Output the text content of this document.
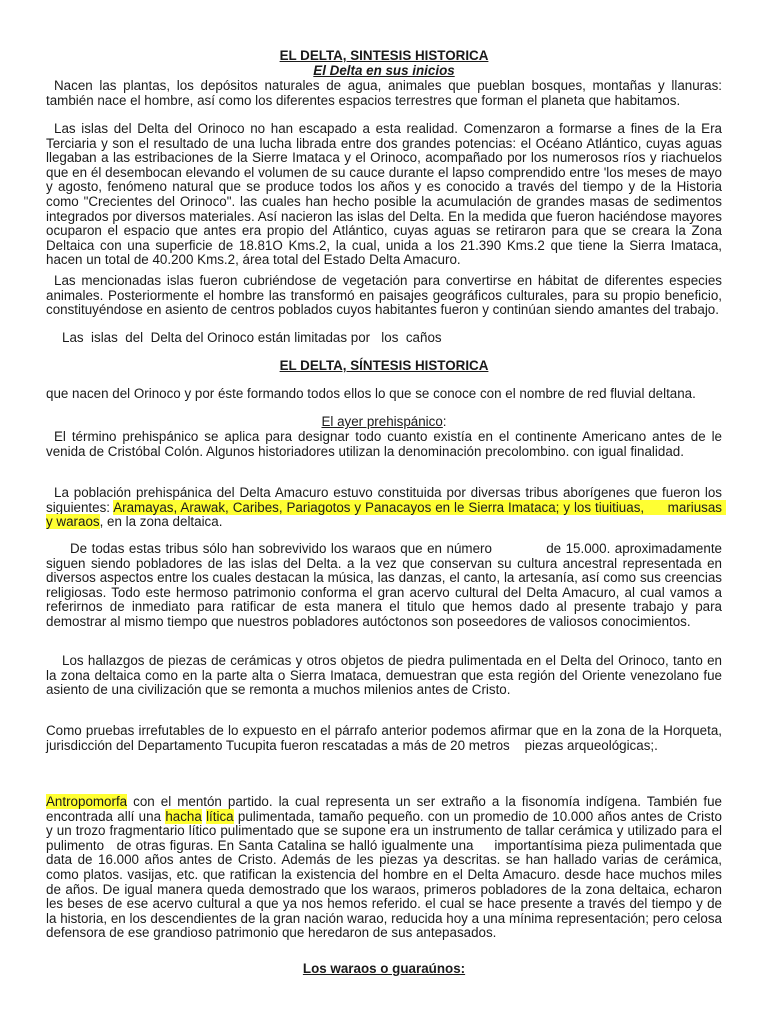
EL DELTA, SINTESIS HISTORICA
El Delta en sus inicios
Nacen las plantas, los depósitos naturales de agua, animales que pueblan bosques, montañas y llanuras: también nace el hombre, así como los diferentes espacios terrestres que forman el planeta que habitamos.
Las islas del Delta del Orinoco no han escapado a esta realidad. Comenzaron a formarse a fines de la Era Terciaria y son el resultado de una lucha librada entre dos grandes potencias: el Océano Atlántico, cuyas aguas llegaban a las estribaciones de la Sierre Imataca y el Orinoco, acompañado por los numerosos ríos y riachuelos que en él desembocan elevando el volumen de su cauce durante el lapso comprendido entre 'los meses de mayo y agosto, fenómeno natural que se produce todos los años y es conocido a través del tiempo y de la Historia como "Crecientes del Orinoco". las cuales han hecho posible la acumulación de grandes masas de sedimentos integrados por diversos materiales. Así nacieron las islas del Delta. En la medida que fueron haciéndose mayores ocuparon el espacio que antes era propio del Atlántico, cuyas aguas se retiraron para que se creara la Zona Deltaica con una superficie de 18.81O Kms.2, la cual, unida a los 21.390 Kms.2 que tiene la Sierra Imataca, hacen un total de 40.200 Kms.2, área total del Estado Delta Amacuro.
Las mencionadas islas fueron cubriéndose de vegetación para convertirse en hábitat de diferentes especies animales. Posteriormente el hombre las transformó en paisajes geográficos culturales, para su propio beneficio, constituyéndose en asiento de centros poblados cuyos habitantes fueron y continúan siendo amantes del trabajo.
Las  islas  del  Delta del Orinoco están limitadas por   los  caños
EL DELTA, SÍNTESIS HISTORICA
que nacen del Orinoco y por éste formando todos ellos lo que se conoce con el nombre de red fluvial deltana.
El ayer prehispánico:
El término prehispánico se aplica para designar todo cuanto existía en el continente Americano antes de le venida de Cristóbal Colón. Algunos historiadores utilizan la denominación precolombino. con igual finalidad.
La población prehispánica del Delta Amacuro estuvo constituida por diversas tribus aborígenes que fueron los siguientes: Aramayas, Arawak, Caribes, Pariagotos y Panacayos en le Sierra Imataca; y los tiuitiuas,      mariusas y waraos, en la zona deltaica.
De todas estas tribus sólo han sobrevivido los waraos que en número            de 15.000. aproximadamente siguen siendo pobladores de las islas del Delta. a la vez que conservan su cultura ancestral representada en diversos aspectos entre los cuales destacan la música, las danzas, el canto, la artesanía, así como sus creencias religiosas. Todo este hermoso patrimonio conforma el gran acervo cultural del Delta Amacuro, al cual vamos a referirnos de inmediato para ratificar de esta manera el titulo que hemos dado al presente trabajo y para demostrar al mismo tiempo que nuestros pobladores autóctonos son poseedores de valiosos conocimientos.
Los hallazgos de piezas de cerámicas y otros objetos de piedra pulimentada en el Delta del Orinoco, tanto en la zona deltaica como en la parte alta o Sierra Imataca, demuestran que esta región del Oriente venezolano fue asiento de una civilización que se remonta a muchos milenios antes de Cristo.
Como pruebas irrefutables de lo expuesto en el párrafo anterior podemos afirmar que en la zona de la Horqueta, jurisdicción del Departamento Tucupita fueron rescatadas a más de 20 metros    piezas arqueológicas;.
Antropomorfa con el mentón partido. la cual representa un ser extraño a la fisonomía indígena. También fue encontrada allí una hacha lítica pulimentada, tamaño pequeño. con un promedio de 10.000 años antes de Cristo y un trozo fragmentario lítico pulimentado que se supone era un instrumento de tallar cerámica y utilizado para el pulimento   de otras figuras. En Santa Catalina se halló igualmente una     importantísima pieza pulimentada que data de 16.000 años antes de Cristo. Además de les piezas ya descritas. se han hallado varias de cerámica, como platos. vasijas, etc. que ratifican la existencia del hombre en el Delta Amacuro. desde hace muchos miles de años. De igual manera queda demostrado que los waraos, primeros pobladores de la zona deltaica, echaron les beses de ese acervo cultural a que ya nos hemos referido. el cual se hace presente a través del tiempo y de la historia, en los descendientes de la gran nación warao, reducida hoy a una mínima representación; pero celosa defensora de ese grandioso patrimonio que heredaron de sus antepasados.
Los waraos o guaraúnos:
